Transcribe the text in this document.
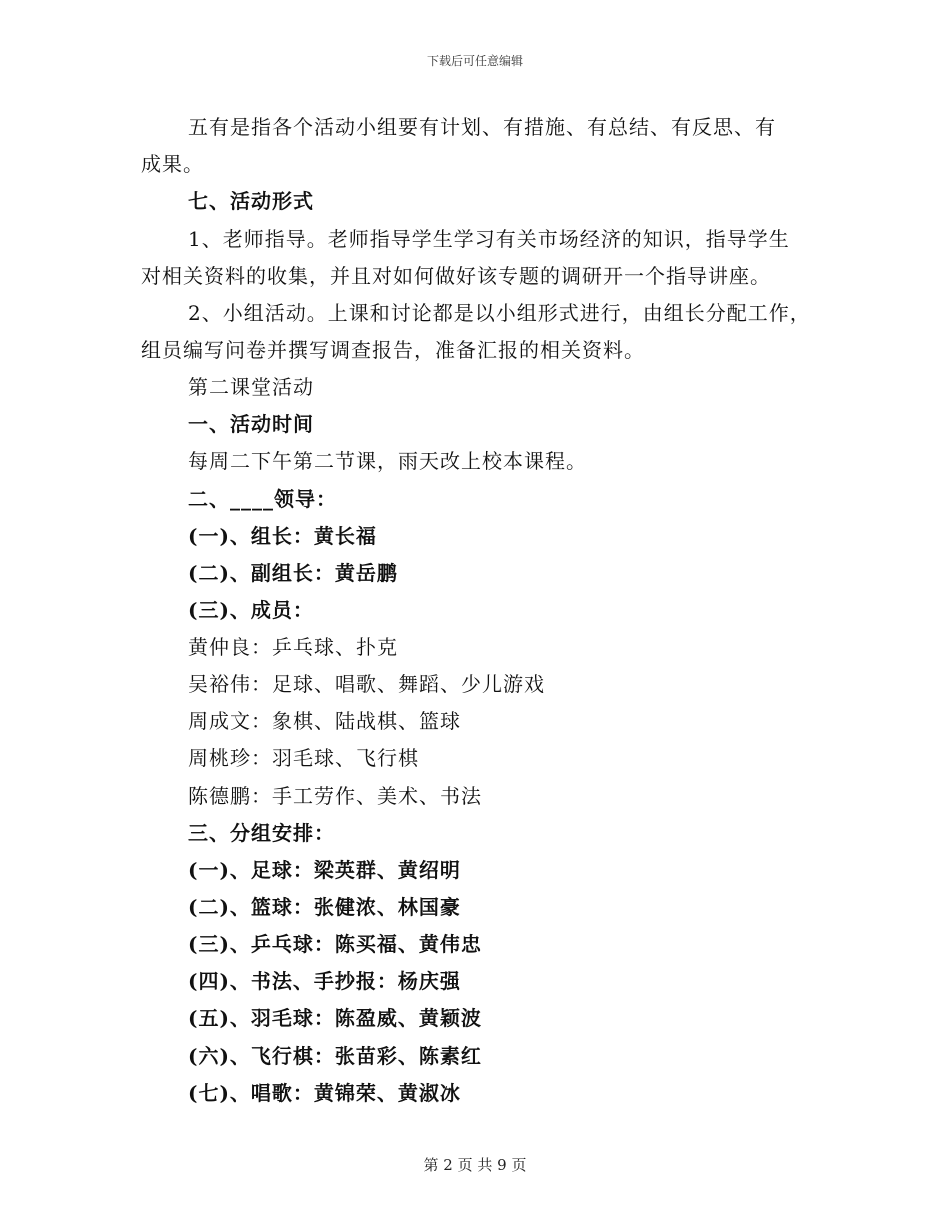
下载后可任意编辑
五有是指各个活动小组要有计划、有措施、有总结、有反思、有
成果。
七、活动形式
1、老师指导。老师指导学生学习有关市场经济的知识，指导学生
对相关资料的收集，并且对如何做好该专题的调研开一个指导讲座。
2、小组活动。上课和讨论都是以小组形式进行，由组长分配工作，
组员编写问卷并撰写调查报告，准备汇报的相关资料。
第二课堂活动
一、活动时间
每周二下午第二节课，雨天改上校本课程。
二、____领导：
(一)、组长：黄长福
(二)、副组长：黄岳鹏
(三)、成员：
黄仲良：乒乓球、扑克
吴裕伟：足球、唱歌、舞蹈、少儿游戏
周成文：象棋、陆战棋、篮球
周桃珍：羽毛球、飞行棋
陈德鹏：手工劳作、美术、书法
三、分组安排：
(一)、足球：梁英群、黄绍明
(二)、篮球：张健浓、林国豪
(三)、乒乓球：陈买福、黄伟忠
(四)、书法、手抄报：杨庆强
(五)、羽毛球：陈盈威、黄颖波
(六)、飞行棋：张苗彩、陈素红
(七)、唱歌：黄锦荣、黄淑冰
第 2 页 共 9 页
